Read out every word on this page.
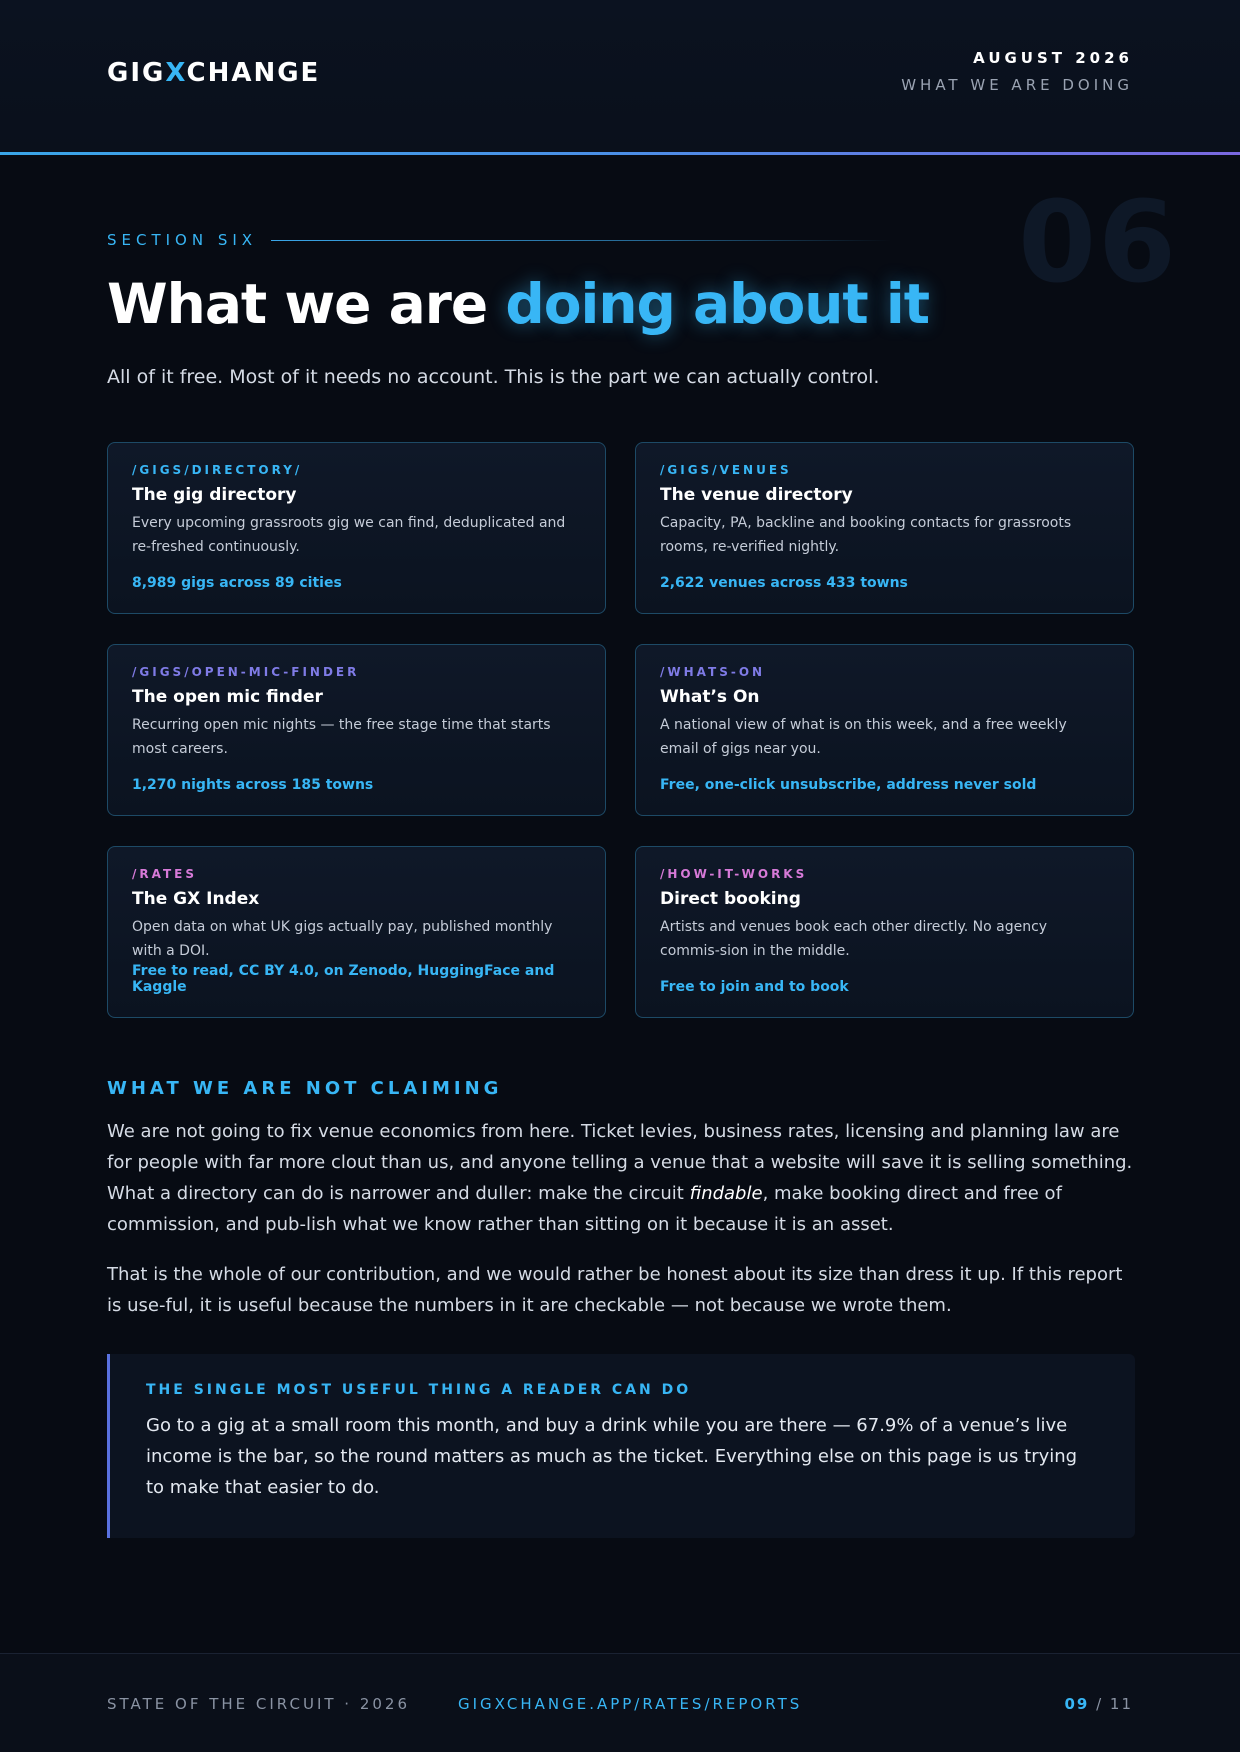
GIGXCHANGE	AUGUST 2026
WHAT WE ARE DOING
06
SECTION SIX
What we are doing about it

All of it free. Most of it needs no account. This is the part we can actually control.

/GIGS/DIRECTORY/
The gig directory
Every upcoming grassroots gig we can find, deduplicated and re-freshed continuously.
8,989 gigs across 89 cities
/GIGS/VENUES
The venue directory
Capacity, PA, backline and booking contacts for grassroots rooms, re-verified nightly.
2,622 venues across 433 towns
/GIGS/OPEN-MIC-FINDER
The open mic finder
Recurring open mic nights — the free stage time that starts most careers.
1,270 nights across 185 towns
/WHATS-ON
What’s On
A national view of what is on this week, and a free weekly email of gigs near you.
Free, one-click unsubscribe, address never sold
/RATES
The GX Index
Open data on what UK gigs actually pay, published monthly with a DOI.
Free to read, CC BY 4.0, on Zenodo, HuggingFace and Kaggle
/HOW-IT-WORKS
Direct booking
Artists and venues book each other directly. No agency commis-sion in the middle.
Free to join and to book
WHAT WE ARE NOT CLAIMING

We are not going to fix venue economics from here. Ticket levies, business rates, licensing and planning law are for people with far more clout than us, and anyone telling a venue that a website will save it is selling something. What a directory can do is narrower and duller: make the circuit findable, make booking direct and free of commission, and pub-lish what we know rather than sitting on it because it is an asset.

That is the whole of our contribution, and we would rather be honest about its size than dress it up. If this report is use-ful, it is useful because the numbers in it are checkable — not because we wrote them.

THE SINGLE MOST USEFUL THING A READER CAN DO
Go to a gig at a small room this month, and buy a drink while you are there — 67.9% of a venue’s live income is the bar, so the round matters as much as the ticket. Everything else on this page is us trying to make that easier to do.
STATE OF THE CIRCUIT · 2026	GIGXCHANGE.APP/RATES/REPORTS	09 / 11
